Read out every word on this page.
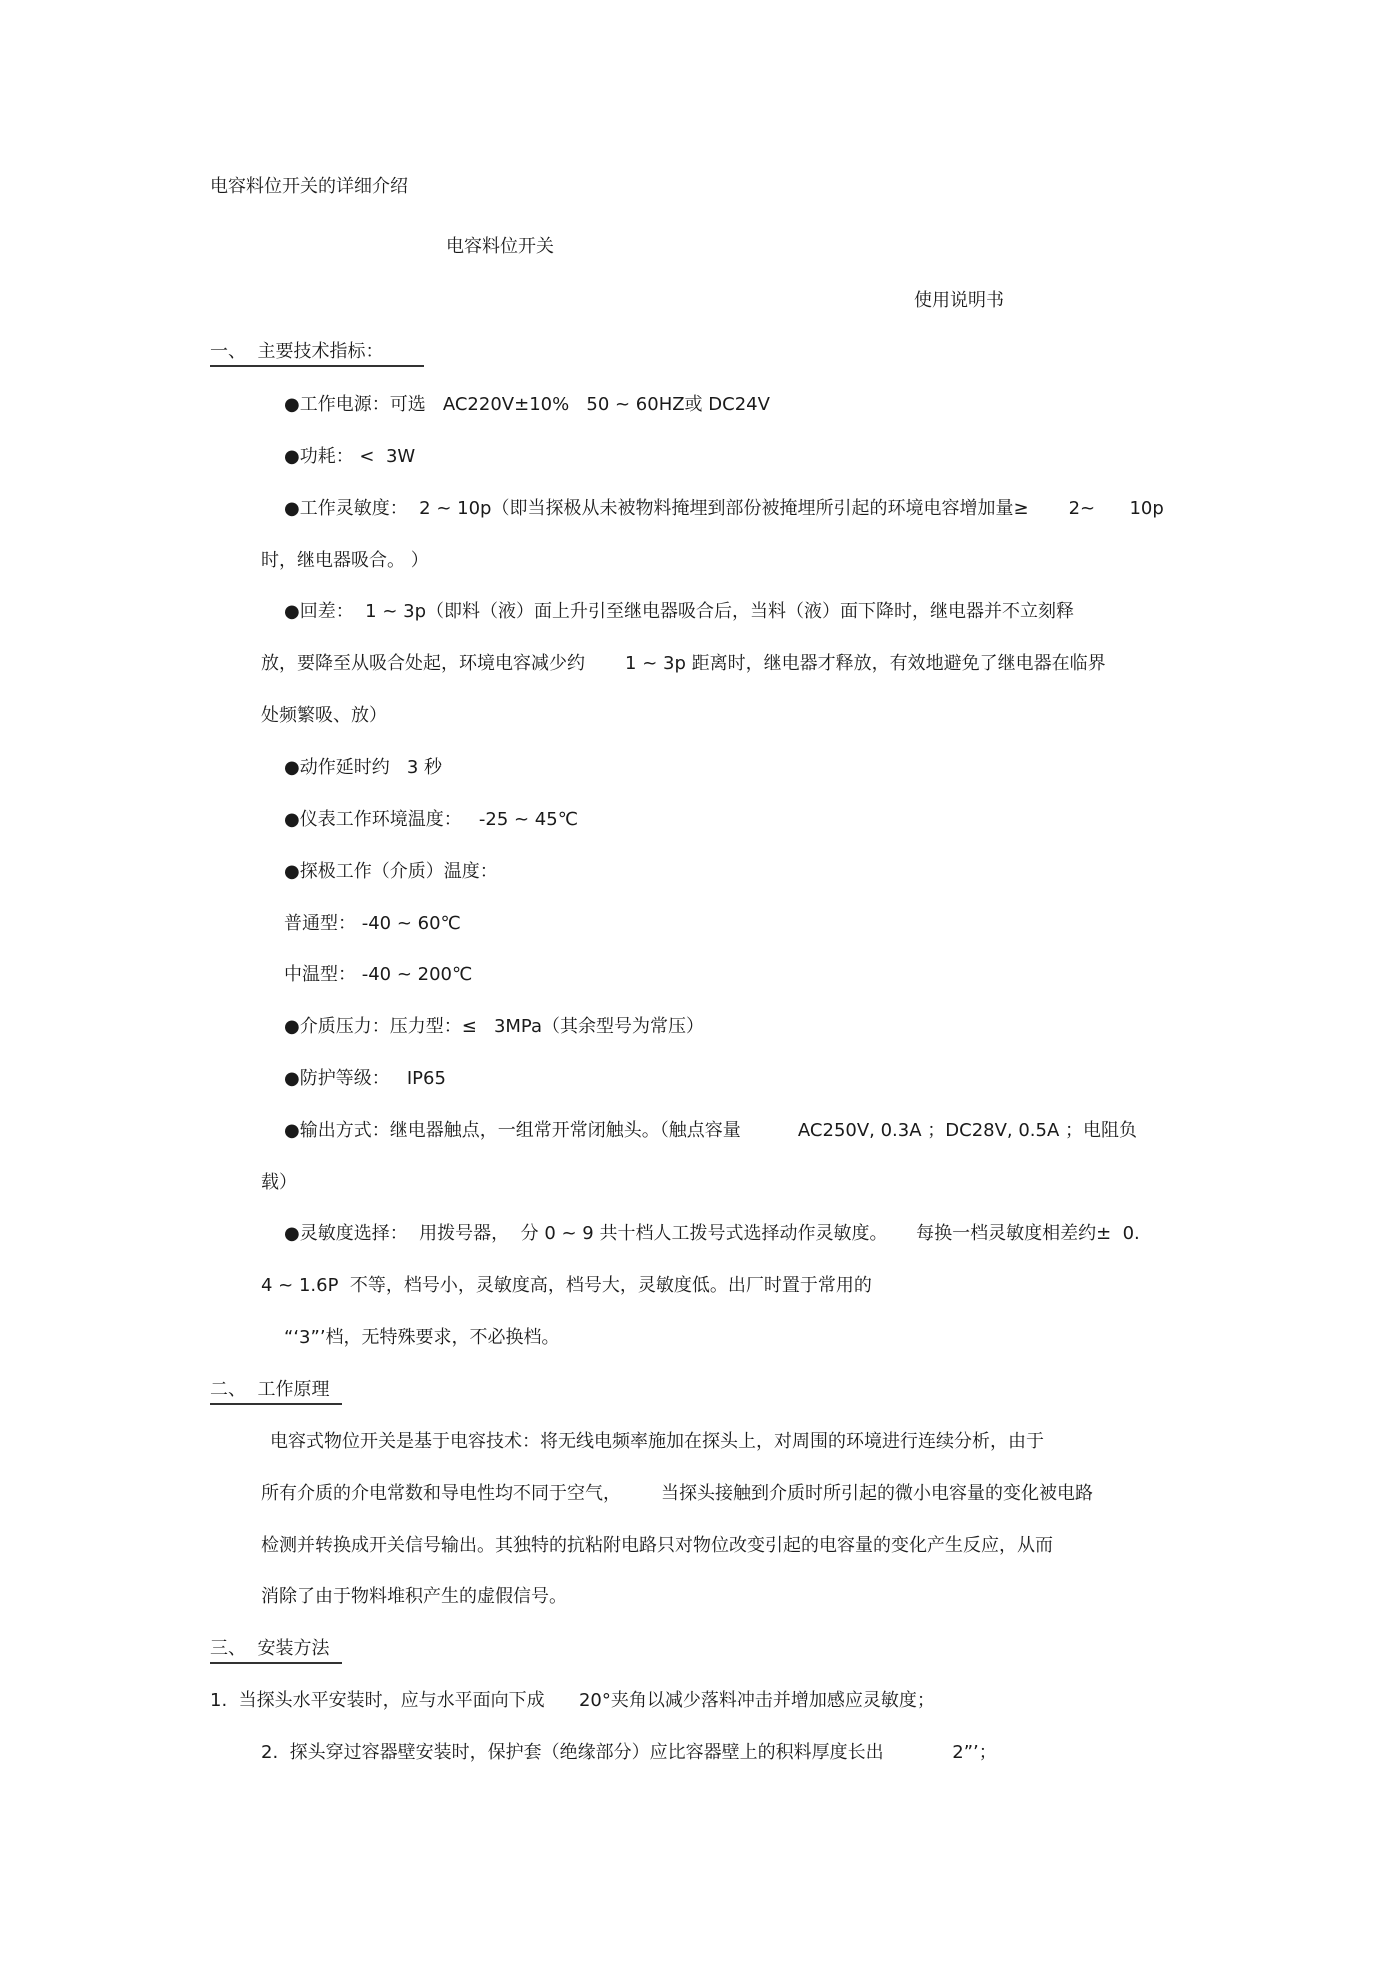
电容料位开关的详细介绍
电容料位开关
使用说明书
一、  主要技术指标：
●工作电源：可选   AC220V±10%   50 ~ 60HZ或 DC24V
●功耗： <  3W
●工作灵敏度：  2 ~ 10p（即当探极从未被物料掩埋到部份被掩埋所引起的环境电容增加量≥       2~      10p
时，继电器吸合。 ）
●回差：  1 ~ 3p（即料（液）面上升引至继电器吸合后，当料（液）面下降时，继电器并不立刻释
放，要降至从吸合处起，环境电容减少约       1 ~ 3p 距离时，继电器才释放，有效地避免了继电器在临界
处频繁吸、放）
●动作延时约   3 秒
●仪表工作环境温度：   -25 ~ 45℃
●探极工作（介质）温度：
普通型： -40 ~ 60℃
中温型： -40 ~ 200℃
●介质压力：压力型：≤   3MPa（其余型号为常压）
●防护等级：   IP65
●输出方式：继电器触点，一组常开常闭触头。（触点容量          AC250V, 0.3A ；DC28V, 0.5A ；电阻负
载）
●灵敏度选择：  用拨号器，  分 0 ~ 9 共十档人工拨号式选择动作灵敏度。     每换一档灵敏度相差约±  0.
4 ~ 1.6P  不等，档号小，灵敏度高，档号大，灵敏度低。出厂时置于常用的
“‘3”’档，无特殊要求，不必换档。
二、  工作原理
电容式物位开关是基于电容技术：将无线电频率施加在探头上，对周围的环境进行连续分析，由于
所有介质的介电常数和导电性均不同于空气，       当探头接触到介质时所引起的微小电容量的变化被电路
检测并转换成开关信号输出。其独特的抗粘附电路只对物位改变引起的电容量的变化产生反应，从而
消除了由于物料堆积产生的虚假信号。
三、  安装方法
1.  当探头水平安装时，应与水平面向下成      20°夹角以减少落料冲击并增加感应灵敏度；
2.  探头穿过容器壁安装时，保护套（绝缘部分）应比容器壁上的积料厚度长出            2”’；
